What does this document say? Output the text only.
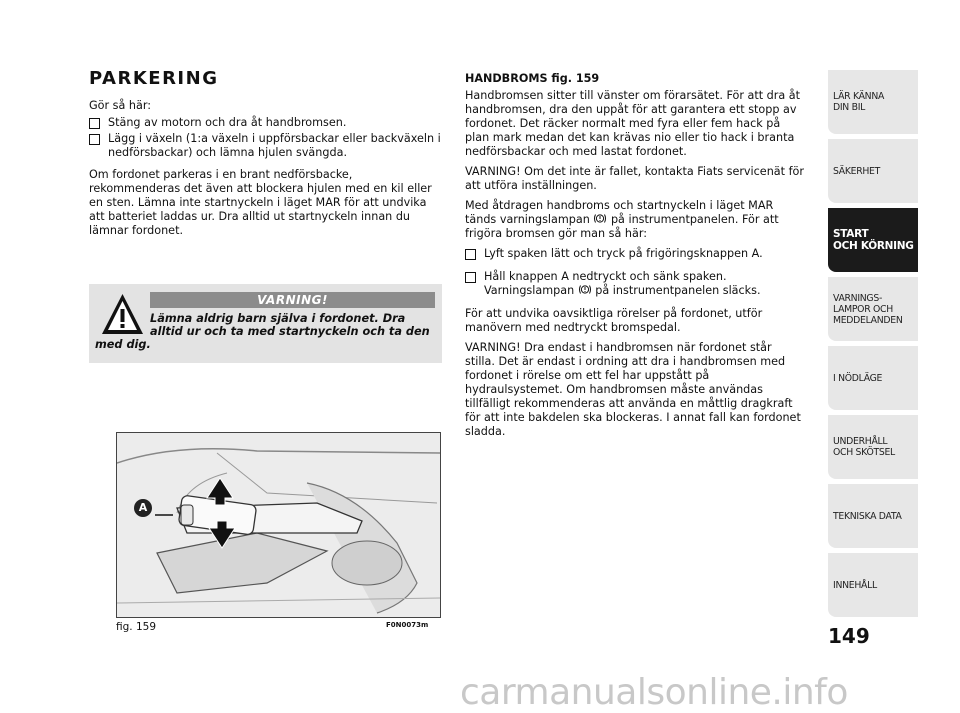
PARKERING

Gör så här:

Stäng av motorn och dra åt handbromsen.
Lägg i växeln (1:a växeln i uppförsbackar eller backväxeln i nedförsbackar) och lämna hjulen svängda.

Om fordonet parkeras i en brant nedförsbacke, rekommenderas det även att blockera hjulen med en kil eller en sten. Lämna inte startnyckeln i läget MAR för att undvika att batteriet laddas ur. Dra alltid ut startnyckeln innan du lämnar fordonet.

VARNING!
Lämna aldrig barn själva i fordonet. Dra
alltid ur och ta med startnyckeln och ta den
med dig.
A
fig. 159	F0N0073m

HANDBROMS fig. 159

Handbromsen sitter till vänster om förarsätet. För att dra åt handbromsen, dra den uppåt för att garantera ett stopp av fordonet. Det räcker normalt med fyra eller fem hack på plan mark medan det kan krävas nio eller tio hack i branta nedförsbackar och med lastat fordonet.

VARNING! Om det inte är fallet, kontakta Fiats servicenät för att utföra inställningen.

Med åtdragen handbroms och startnyckeln i läget MAR tänds varningslampan på instrumentpanelen. För att frigöra bromsen gör man så här:

Lyft spaken lätt och tryck på frigöringsknappen A.
Håll knappen A nedtryckt och sänk spaken.
Varningslampan på instrumentpanelen släcks.

För att undvika oavsiktliga rörelser på fordonet, utför manövern med nedtryckt bromspedal.

VARNING! Dra endast i handbromsen när fordonet står stilla. Det är endast i ordning att dra i handbromsen med fordonet i rörelse om ett fel har uppstått på hydraulsystemet. Om handbromsen måste användas tillfälligt rekommenderas att använda en måttlig dragkraft för att inte bakdelen ska blockeras. I annat fall kan fordonet sladda.

LÄR KÄNNA
DIN BIL
SÄKERHET
START
OCH KÖRNING
VARNINGS-
LAMPOR OCH
MEDDELANDEN
I NÖDLÄGE
UNDERHÅLL
OCH SKÖTSEL
TEKNISKA DATA
INNEHÅLL
149
carmanualsonline.info
